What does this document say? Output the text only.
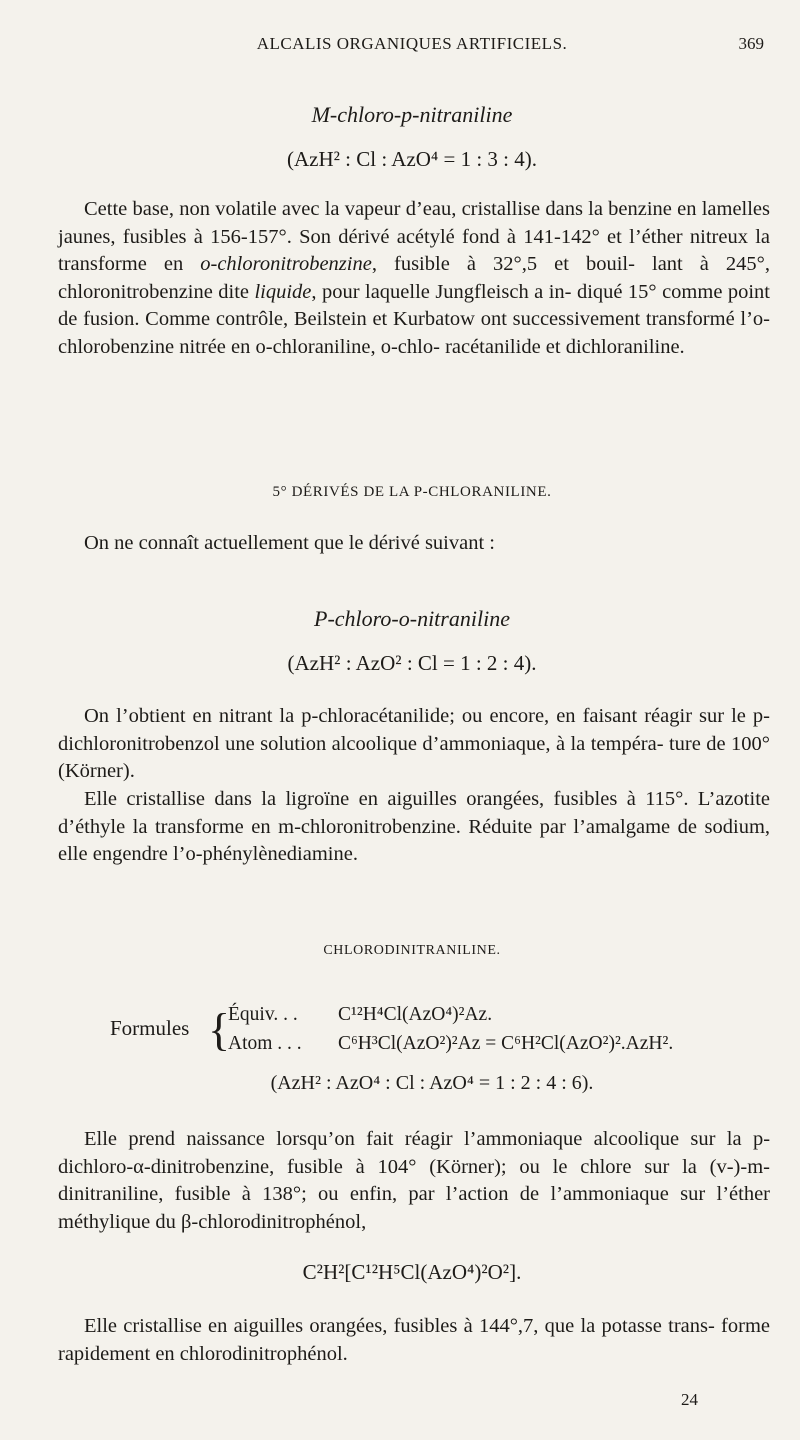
ALCALIS ORGANIQUES ARTIFICIELS.	369
M-chloro-p-nitraniline
(AzH² : Cl : AzO⁴ = 1 : 3 : 4).

Cette base, non volatile avec la vapeur d’eau, cristallise dans la benzine en lamelles jaunes, fusibles à 156-157°. Son dérivé acétylé fond à 141-142° et l’éther nitreux la transforme en o-chloronitrobenzine, fusible à 32°,5 et bouil- lant à 245°, chloronitrobenzine dite liquide, pour laquelle Jungfleisch a in- diqué 15° comme point de fusion. Comme contrôle, Beilstein et Kurbatow ont successivement transformé l’o-chlorobenzine nitrée en o-chloraniline, o-chlo- racétanilide et dichloraniline.

5° DÉRIVÉS DE LA P-CHLORANILINE.

On ne connaît actuellement que le dérivé suivant :

P-chloro-o-nitraniline
(AzH² : AzO² : Cl = 1 : 2 : 4).

On l’obtient en nitrant la p-chloracétanilide; ou encore, en faisant réagir sur le p-dichloronitrobenzol une solution alcoolique d’ammoniaque, à la tempéra- ture de 100° (Körner).

Elle cristallise dans la ligroïne en aiguilles orangées, fusibles à 115°. L’azotite d’éthyle la transforme en m-chloronitrobenzine. Réduite par l’amalgame de sodium, elle engendre l’o-phénylènediamine.

CHLORODINITRANILINE.
Formules {
Équiv. . . C¹²H⁴Cl(AzO⁴)²Az.
Atom . . . C⁶H³Cl(AzO²)²Az = C⁶H²Cl(AzO²)².AzH².
(AzH² : AzO⁴ : Cl : AzO⁴ = 1 : 2 : 4 : 6).

Elle prend naissance lorsqu’on fait réagir l’ammoniaque alcoolique sur la p-dichloro-α-dinitrobenzine, fusible à 104° (Körner); ou le chlore sur la (v-)-m-dinitraniline, fusible à 138°; ou enfin, par l’action de l’ammoniaque sur l’éther méthylique du β-chlorodinitrophénol,

C²H²[C¹²H⁵Cl(AzO⁴)²O²].

Elle cristallise en aiguilles orangées, fusibles à 144°,7, que la potasse trans- forme rapidement en chlorodinitrophénol.

24
